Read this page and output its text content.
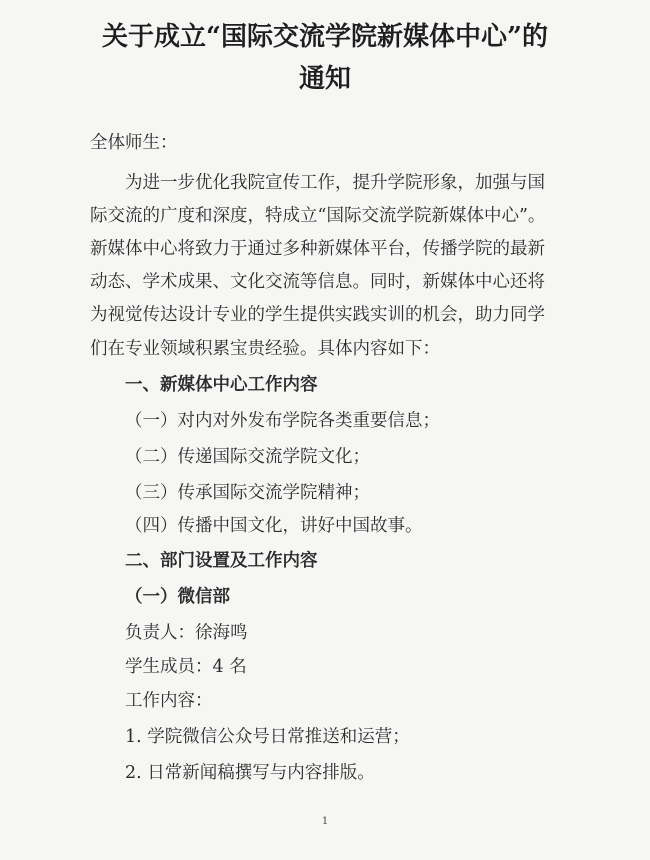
关于成立“国际交流学院新媒体中心”的
通知

全体师生：

为进一步优化我院宣传工作，提升学院形象，加强与国

际交流的广度和深度，特成立“国际交流学院新媒体中心”。

新媒体中心将致力于通过多种新媒体平台，传播学院的最新

动态、学术成果、文化交流等信息。同时，新媒体中心还将

为视觉传达设计专业的学生提供实践实训的机会，助力同学

们在专业领域积累宝贵经验。具体内容如下：

一、新媒体中心工作内容

（一）对内对外发布学院各类重要信息；

（二）传递国际交流学院文化；

（三）传承国际交流学院精神；

（四）传播中国文化，讲好中国故事。

二、部门设置及工作内容

（一）微信部

负责人：徐海鸣

学生成员：4 名

工作内容：

1. 学院微信公众号日常推送和运营；

2. 日常新闻稿撰写与内容排版。

1
